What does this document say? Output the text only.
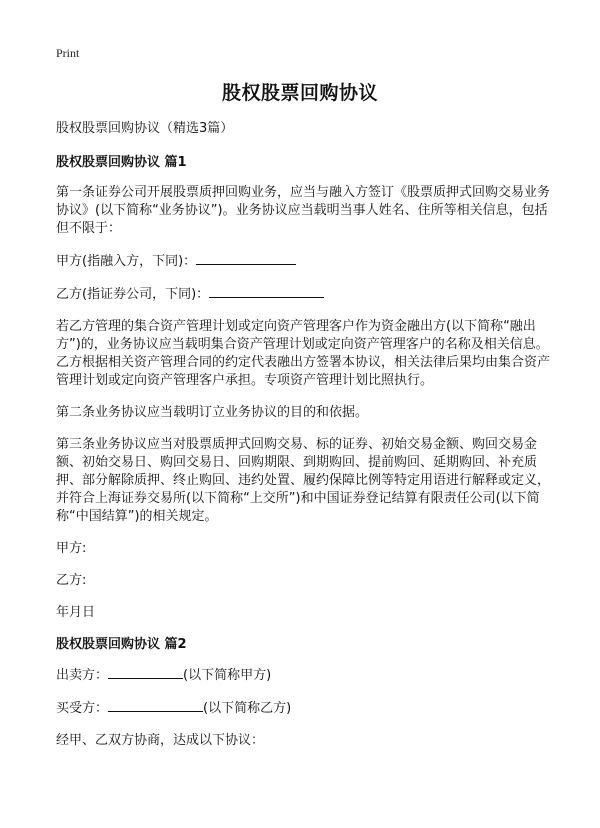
Print
股权股票回购协议

股权股票回购协议（精选3篇）

股权股票回购协议 篇1

第一条证券公司开展股票质押回购业务，应当与融入方签订《股票质押式回购交易业务协议》(以下简称“业务协议”)。业务协议应当载明当事人姓名、住所等相关信息，包括但不限于：

甲方(指融入方，下同)：

乙方(指证券公司，下同)：

若乙方管理的集合资产管理计划或定向资产管理客户作为资金融出方(以下简称“融出方”)的，业务协议应当载明集合资产管理计划或定向资产管理客户的名称及相关信息。乙方根据相关资产管理合同的约定代表融出方签署本协议，相关法律后果均由集合资产管理计划或定向资产管理客户承担。专项资产管理计划比照执行。

第二条业务协议应当载明订立业务协议的目的和依据。

第三条业务协议应当对股票质押式回购交易、标的证券、初始交易金额、购回交易金额、初始交易日、购回交易日、回购期限、到期购回、提前购回、延期购回、补充质押、部分解除质押、终止购回、违约处置、履约保障比例等特定用语进行解释或定义，并符合上海证券交易所(以下简称“上交所”)和中国证券登记结算有限责任公司(以下简称“中国结算”)的相关规定。

甲方:

乙方:

年月日

股权股票回购协议 篇2

出卖方：	(以下简称甲方)

买受方：	(以下简称乙方)

经甲、乙双方协商，达成以下协议：
